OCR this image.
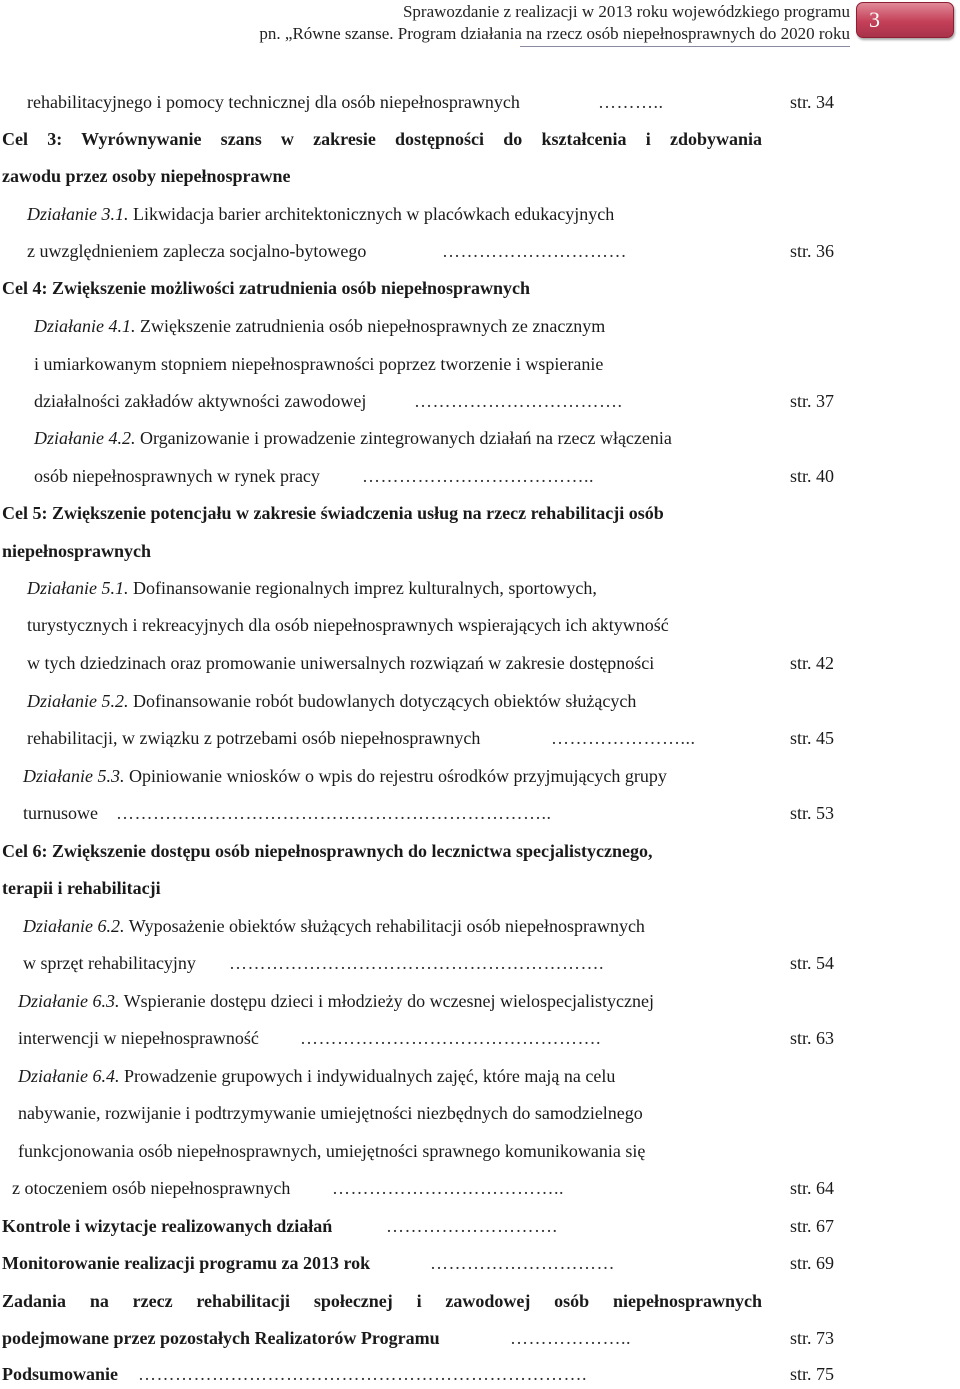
Sprawozdanie z realizacji w 2013 roku wojewódzkiego programu
pn. „Równe szanse. Program działania na rzecz osób niepełnosprawnych do 2020 roku
3
rehabilitacyjnego i pomocy technicznej dla osób niepełnosprawnych	………..	str. 34
Cel 3: Wyrównywanie szans w zakresie dostępności do kształcenia i zdobywania
zawodu przez osoby niepełnosprawne
Działanie 3.1. Likwidacja barier architektonicznych w placówkach edukacyjnych
z uwzględnieniem zaplecza socjalno-bytowego	…………………………	str. 36
Cel 4: Zwiększenie możliwości zatrudnienia osób niepełnosprawnych
Działanie 4.1. Zwiększenie zatrudnienia osób niepełnosprawnych ze znacznym
i umiarkowanym stopniem niepełnosprawności poprzez tworzenie i wspieranie
działalności zakładów aktywności zawodowej	…………………………….	str. 37
Działanie 4.2. Organizowanie i prowadzenie zintegrowanych działań na rzecz włączenia
osób niepełnosprawnych w rynek pracy ………………………………..	str. 40
Cel 5: Zwiększenie potencjału w zakresie świadczenia usług na rzecz rehabilitacji osób
niepełnosprawnych
Działanie 5.1. Dofinansowanie regionalnych imprez kulturalnych, sportowych,
turystycznych i rekreacyjnych dla osób niepełnosprawnych wspierających ich aktywność
w tych dziedzinach oraz promowanie uniwersalnych rozwiązań w zakresie dostępności	str. 42
Działanie 5.2. Dofinansowanie robót budowlanych dotyczących obiektów służących
rehabilitacji, w związku z potrzebami osób niepełnosprawnych	…………………...	str. 45
Działanie 5.3. Opiniowanie wniosków o wpis do rejestru ośrodków przyjmujących grupy
turnusowe ……………………………………………………………..	str. 53
Cel 6: Zwiększenie dostępu osób niepełnosprawnych do lecznictwa specjalistycznego,
terapii i rehabilitacji
Działanie 6.2. Wyposażenie obiektów służących rehabilitacji osób niepełnosprawnych
w sprzęt rehabilitacyjny …………………………………………………….	str. 54
Działanie 6.3. Wspieranie dostępu dzieci i młodzieży do wczesnej wielospecjalistycznej
interwencji w niepełnosprawność ………………………………………….	str. 63
Działanie 6.4. Prowadzenie grupowych i indywidualnych zajęć, które mają na celu
nabywanie, rozwijanie i podtrzymywanie umiejętności niezbędnych do samodzielnego
funkcjonowania osób niepełnosprawnych, umiejętności sprawnego komunikowania się
z otoczeniem osób niepełnosprawnych ………………………………..	str. 64
Kontrole i wizytacje realizowanych działań	……………………….	str. 67
Monitorowanie realizacji programu za 2013 rok	…………………………	str. 69
Zadania na rzecz rehabilitacji społecznej i zawodowej osób niepełnosprawnych
podejmowane przez pozostałych Realizatorów Programu	………………..	str. 73
Podsumowanie ……………………………………………………………….	str. 75
